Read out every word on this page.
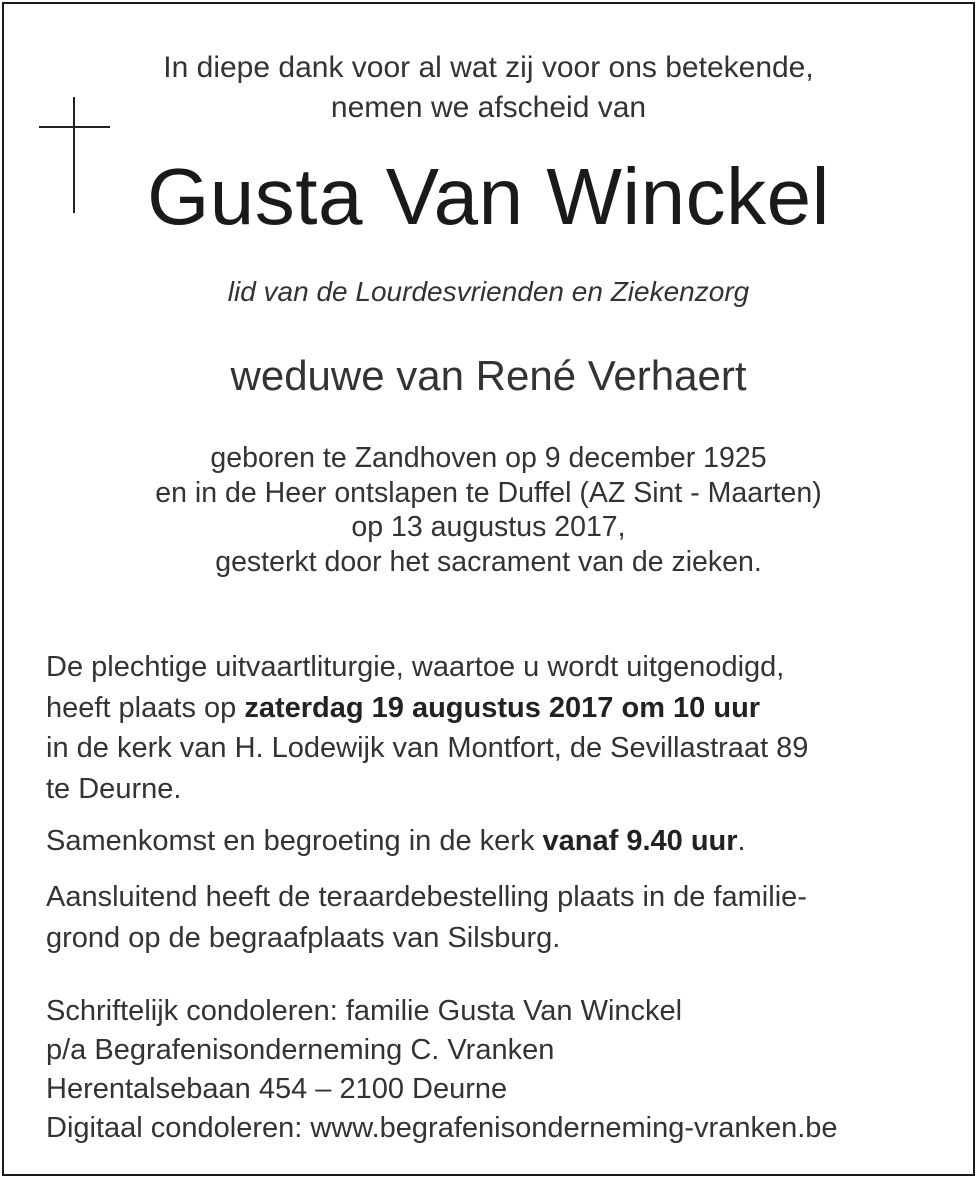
In diepe dank voor al wat zij voor ons betekende,
nemen we afscheid van
Gusta Van Winckel
lid van de Lourdesvrienden en Ziekenzorg
weduwe van René Verhaert
geboren te Zandhoven op 9 december 1925
en in de Heer ontslapen te Duffel (AZ Sint - Maarten)
op 13 augustus 2017,
gesterkt door het sacrament van de zieken.
De plechtige uitvaartliturgie, waartoe u wordt uitgenodigd,
heeft plaats op zaterdag 19 augustus 2017 om 10 uur
in de kerk van H. Lodewijk van Montfort, de Sevillastraat 89
te Deurne.
Samenkomst en begroeting in de kerk vanaf 9.40 uur.
Aansluitend heeft de teraardebestelling plaats in de familie-
grond op de begraafplaats van Silsburg.
Schriftelijk condoleren: familie Gusta Van Winckel
p/a Begrafenisonderneming C. Vranken
Herentalsebaan 454 – 2100 Deurne
Digitaal condoleren: www.begrafenisonderneming-vranken.be
